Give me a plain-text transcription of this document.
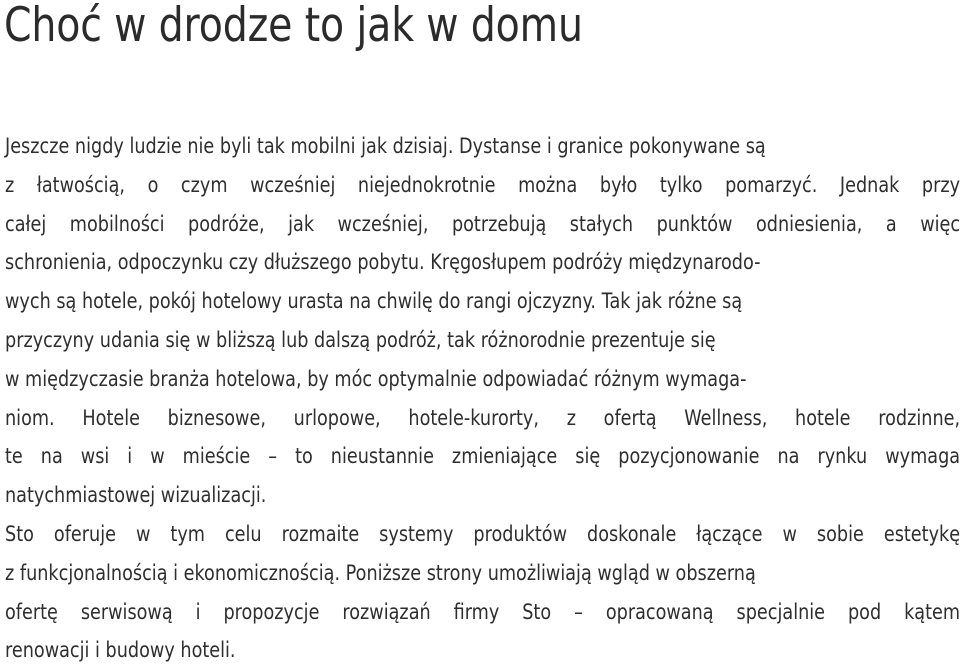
Choć w drodze to jak w domu
Jeszcze nigdy ludzie nie byli tak mobilni jak dzisiaj. Dystanse i granice pokonywane są
z łatwością, o czym wcześniej niejednokrotnie można było tylko pomarzyć. Jednak przy
całej mobilności podróże, jak wcześniej, potrzebują stałych punktów odniesienia, a więc
schronienia, odpoczynku czy dłuższego pobytu. Kręgosłupem podróży międzynarodo-
wych są hotele, pokój hotelowy urasta na chwilę do rangi ojczyzny. Tak jak różne są
przyczyny udania się w bliższą lub dalszą podróż, tak różnorodnie prezentuje się
w międzyczasie branża hotelowa, by móc optymalnie odpowiadać różnym wymaga-
niom. Hotele biznesowe, urlopowe, hotele-kurorty, z ofertą Wellness, hotele rodzinne,
te na wsi i w mieście – to nieustannie zmieniające się pozycjonowanie na rynku wymaga
natychmiastowej wizualizacji.
Sto oferuje w tym celu rozmaite systemy produktów doskonale łączące w sobie estetykę
z funkcjonalnością i ekonomicznością. Poniższe strony umożliwiają wgląd w obszerną
ofertę serwisową i propozycje rozwiązań firmy Sto – opracowaną specjalnie pod kątem
renowacji i budowy hoteli.
